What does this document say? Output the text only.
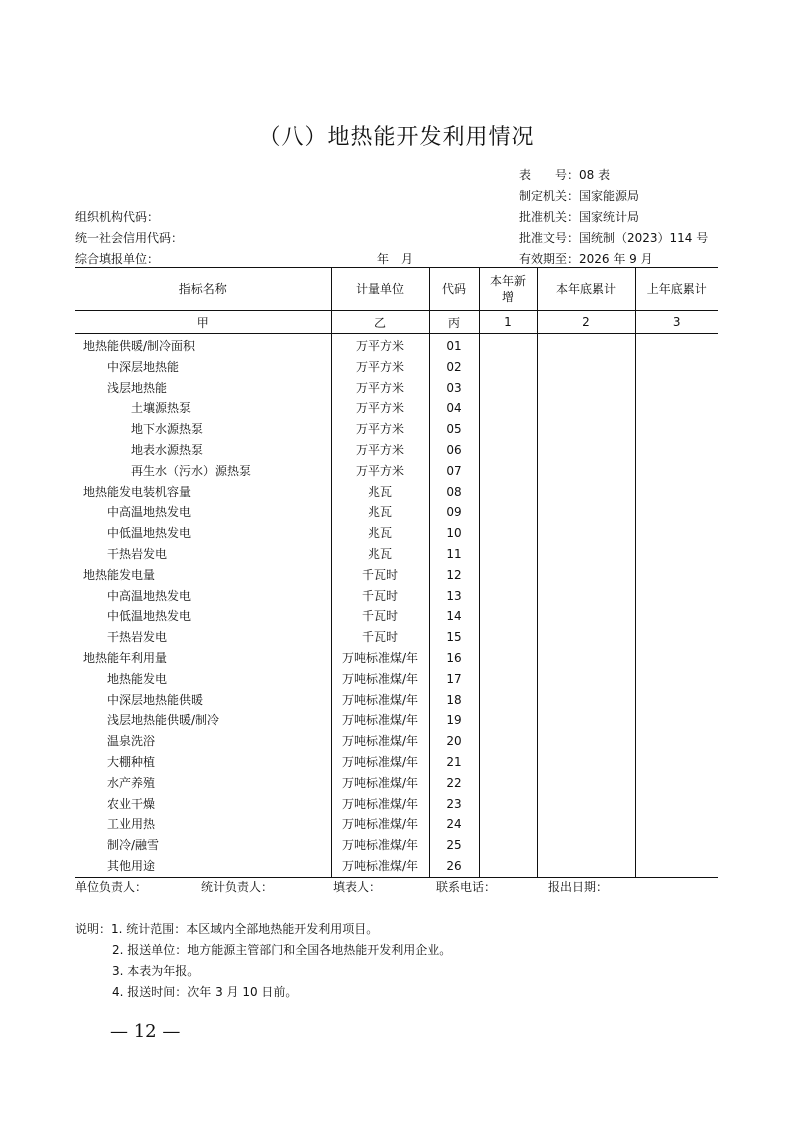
（八）地热能开发利用情况
表　　号：08 表
制定机关：国家能源局
批准机关：国家统计局
批准文号：国统制（2023）114 号
有效期至：2026 年 9 月
组织机构代码：
统一社会信用代码：
综合填报单位：	年　月
指标名称	计量单位	代码	本年新增	本年底累计	上年底累计
甲	乙	丙	1	2	3
地热能供暖/制冷面积	万平方米	01			
中深层地热能	万平方米	02			
浅层地热能	万平方米	03			
土壤源热泵	万平方米	04			
地下水源热泵	万平方米	05			
地表水源热泵	万平方米	06			
再生水（污水）源热泵	万平方米	07			
地热能发电装机容量	兆瓦	08			
中高温地热发电	兆瓦	09			
中低温地热发电	兆瓦	10			
干热岩发电	兆瓦	11			
地热能发电量	千瓦时	12			
中高温地热发电	千瓦时	13			
中低温地热发电	千瓦时	14			
干热岩发电	千瓦时	15			
地热能年利用量	万吨标准煤/年	16			
地热能发电	万吨标准煤/年	17			
中深层地热能供暖	万吨标准煤/年	18			
浅层地热能供暖/制冷	万吨标准煤/年	19			
温泉洗浴	万吨标准煤/年	20			
大棚种植	万吨标准煤/年	21			
水产养殖	万吨标准煤/年	22			
农业干燥	万吨标准煤/年	23			
工业用热	万吨标准煤/年	24			
制冷/融雪	万吨标准煤/年	25			
其他用途	万吨标准煤/年	26			
单位负责人：	统计负责人：	填表人：	联系电话：	报出日期：
说明：1. 统计范围：本区域内全部地热能开发利用项目。
2. 报送单位：地方能源主管部门和全国各地热能开发利用企业。
3. 本表为年报。
4. 报送时间：次年 3 月 10 日前。
— 12 —
